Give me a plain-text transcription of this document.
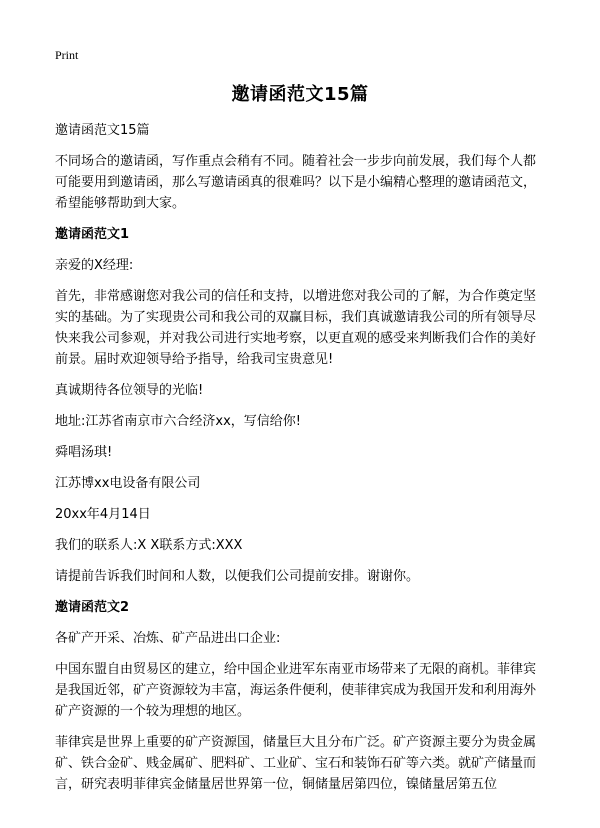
Print
邀请函范文15篇

邀请函范文15篇

不同场合的邀请函，写作重点会稍有不同。随着社会一步步向前发展，我们每个人都可能要用到邀请函，那么写邀请函真的很难吗？以下是小编精心整理的邀请函范文，希望能够帮助到大家。

邀请函范文1

亲爱的X经理:

首先，非常感谢您对我公司的信任和支持，以增进您对我公司的了解，为合作奠定坚实的基础。为了实现贵公司和我公司的双赢目标，我们真诚邀请我公司的所有领导尽快来我公司参观，并对我公司进行实地考察，以更直观的感受来判断我们合作的美好前景。届时欢迎领导给予指导，给我司宝贵意见!

真诚期待各位领导的光临!

地址:江苏省南京市六合经济xx，写信给你!

舜唱汤琪!

江苏博xx电设备有限公司

20xx年4月14日

我们的联系人:X X联系方式:XXX

请提前告诉我们时间和人数，以便我们公司提前安排。谢谢你。

邀请函范文2

各矿产开采、冶炼、矿产品进出口企业:

中国东盟自由贸易区的建立，给中国企业进军东南亚市场带来了无限的商机。菲律宾是我国近邻，矿产资源较为丰富，海运条件便利，使菲律宾成为我国开发和利用海外矿产资源的一个较为理想的地区。

菲律宾是世界上重要的矿产资源国，储量巨大且分布广泛。矿产资源主要分为贵金属矿、铁合金矿、贱金属矿、肥料矿、工业矿、宝石和装饰石矿等六类。就矿产储量而言，研究表明菲律宾金储量居世界第一位，铜储量居第四位，镍储量居第五位
